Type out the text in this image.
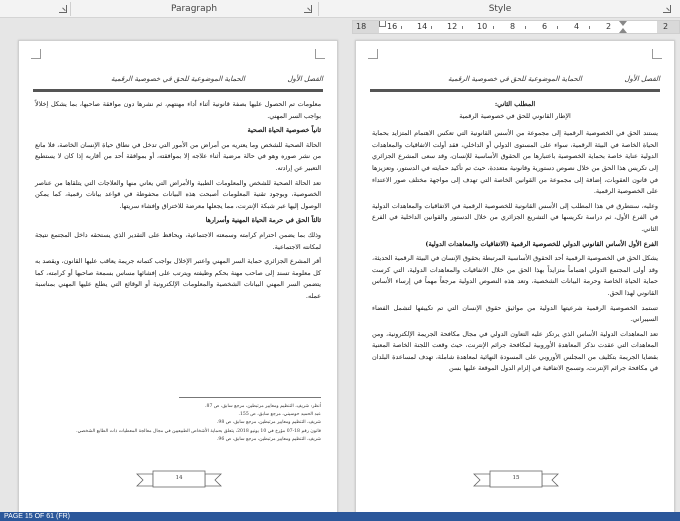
Paragraph	Style
18	16 14 12 10	8	6	4	2	2
الفصل الأول
الحماية الموضوعية للحق في خصوصية الرقمية

معلومات تم الحصول عليها بصفة قانونية أثناء أداء مهنتهم، ثم نشرها دون موافقة صاحبها، بما يشكل إخلالاً بواجب السر المهني.

ثانياً خصوصية الحياة الصحية

الحالة الصحية للشخص وما يعتريه من أمراض من الأمور التي تدخل في نطاق حياة الإنسان الخاصة، فلا مانع من نشر صوره وهو في حالة مرضية أثناء علاجه إلا بموافقته، أو بموافقة أحد من أقاربه إذا كان لا يستطيع التعبير عن إرادته.

تعد الحالة الصحية للشخص والمعلومات الطبية والأمراض التي يعاني منها والعلاجات التي يتلقاها من عناصر الخصوصية، وبوجود تقنية المعلومات أصبحت هذه البيانات محفوظة في قواعد بيانات رقمية، كما يمكن الوصول إليها عبر شبكة الإنترنت، مما يجعلها معرضة للاختراق وإفشاء سريتها.

ثالثاً الحق في حرمة الحياة المهنية وأسرارها

وذلك بما يضمن احترام كرامته وسمعته الاجتماعية، ويحافظ على التقدير الذي يستحقه داخل المجتمع نتيجة لمكانته الاجتماعية.

أقر المشرع الجزائري حماية السر المهني واعتبر الإخلال بواجب كتمانه جريمة يعاقب عليها القانون، ويقصد به كل معلومة تسند إلى صاحب مهنة بحكم وظيفته ويترتب على إفشائها مساس بسمعة صاحبها أو كرامته، كما يتضمن السر المهني البيانات الشخصية والمعلومات الإلكترونية أو الوقائع التي يطلع عليها المهني بمناسبة عمله.

أنظر: شريف، التنظيم ومعايير مرتبطين، مرجع سابق، ص 87.
عبد الحميد حوسيني، مرجع سابق، ص 155.
شريف، التنظيم ومعايير مرتبطين، مرجع سابق، ص 98.
قانون رقم 18-07 مؤرخ في 10 يونيو 2018، يتعلق بحماية الأشخاص الطبيعيين في مجال معالجة المعطيات ذات الطابع الشخصي.
شريف، التنظيم ومعايير مرتبطين، مرجع سابق، ص 96.
14
الفصل الأول
الحماية الموضوعية للحق في خصوصية الرقمية

المطلب الثاني:

الإطار القانوني للحق في خصوصية الرقمية

يستند الحق في الخصوصية الرقمية إلى مجموعة من الأسس القانونية التي تعكس الاهتمام المتزايد بحماية الحياة الخاصة في البيئة الرقمية، سواء على المستوى الدولي أو الداخلي، فقد أولت الاتفاقيات والمعاهدات الدولية عناية خاصة بحماية الخصوصية باعتبارها من الحقوق الأساسية للإنسان، وقد سعى المشرع الجزائري إلى تكريس هذا الحق من خلال نصوص دستورية وقانونية متعددة، حيث تم تأكيد حمايته في الدستور، وتعزيزها في قانون العقوبات، إضافة إلى مجموعة من القوانين الخاصة التي تهدف إلى مواجهة مختلف صور الاعتداء على الخصوصية الرقمية.

وعليه، سنتطرق في هذا المطلب إلى الأسس القانونية للخصوصية الرقمية في الاتفاقيات والمعاهدات الدولية في الفرع الأول، ثم دراسة تكريسها في التشريع الجزائري من خلال الدستور والقوانين الداخلية في الفرع الثاني.

الفرع الأول الأساس القانوني الدولي للخصوصية الرقمية (الاتفاقيات والمعاهدات الدولية)

يشكل الحق في الخصوصية الرقمية أحد الحقوق الأساسية المرتبطة بحقوق الإنسان في البيئة الرقمية الحديثة، وقد أولى المجتمع الدولي اهتماماً متزايداً بهذا الحق من خلال الاتفاقيات والمعاهدات الدولية، التي كرست حماية الحياة الخاصة وحرمة البيانات الشخصية، وتعد هذه النصوص الدولية مرجعاً مهماً في إرساء الأساس القانوني لهذا الحق.

تستمد الخصوصية الرقمية شرعيتها الدولية من مواثيق حقوق الإنسان التي تم تكييفها لتشمل الفضاء السيبراني.

تعد المعاهدات الدولية الأساس الذي يرتكز عليه التعاون الدولي في مجال مكافحة الجريمة الإلكترونية، ومن المعاهدات التي عقدت نذكر المعاهدة الأوروبية لمكافحة جرائم الإنترنت، حيث وقعت اللجنة الخاصة المعنية بقضايا الجريمة بتكليف من المجلس الأوروبي على المسودة النهائية لمعاهدة شاملة، تهدف لمساعدة البلدان في مكافحة جرائم الإنترنت، وتسمح الاتفاقية في إلزام الدول الموقعة عليها بسن

15
PAGE 15 OF 61 (FR)
